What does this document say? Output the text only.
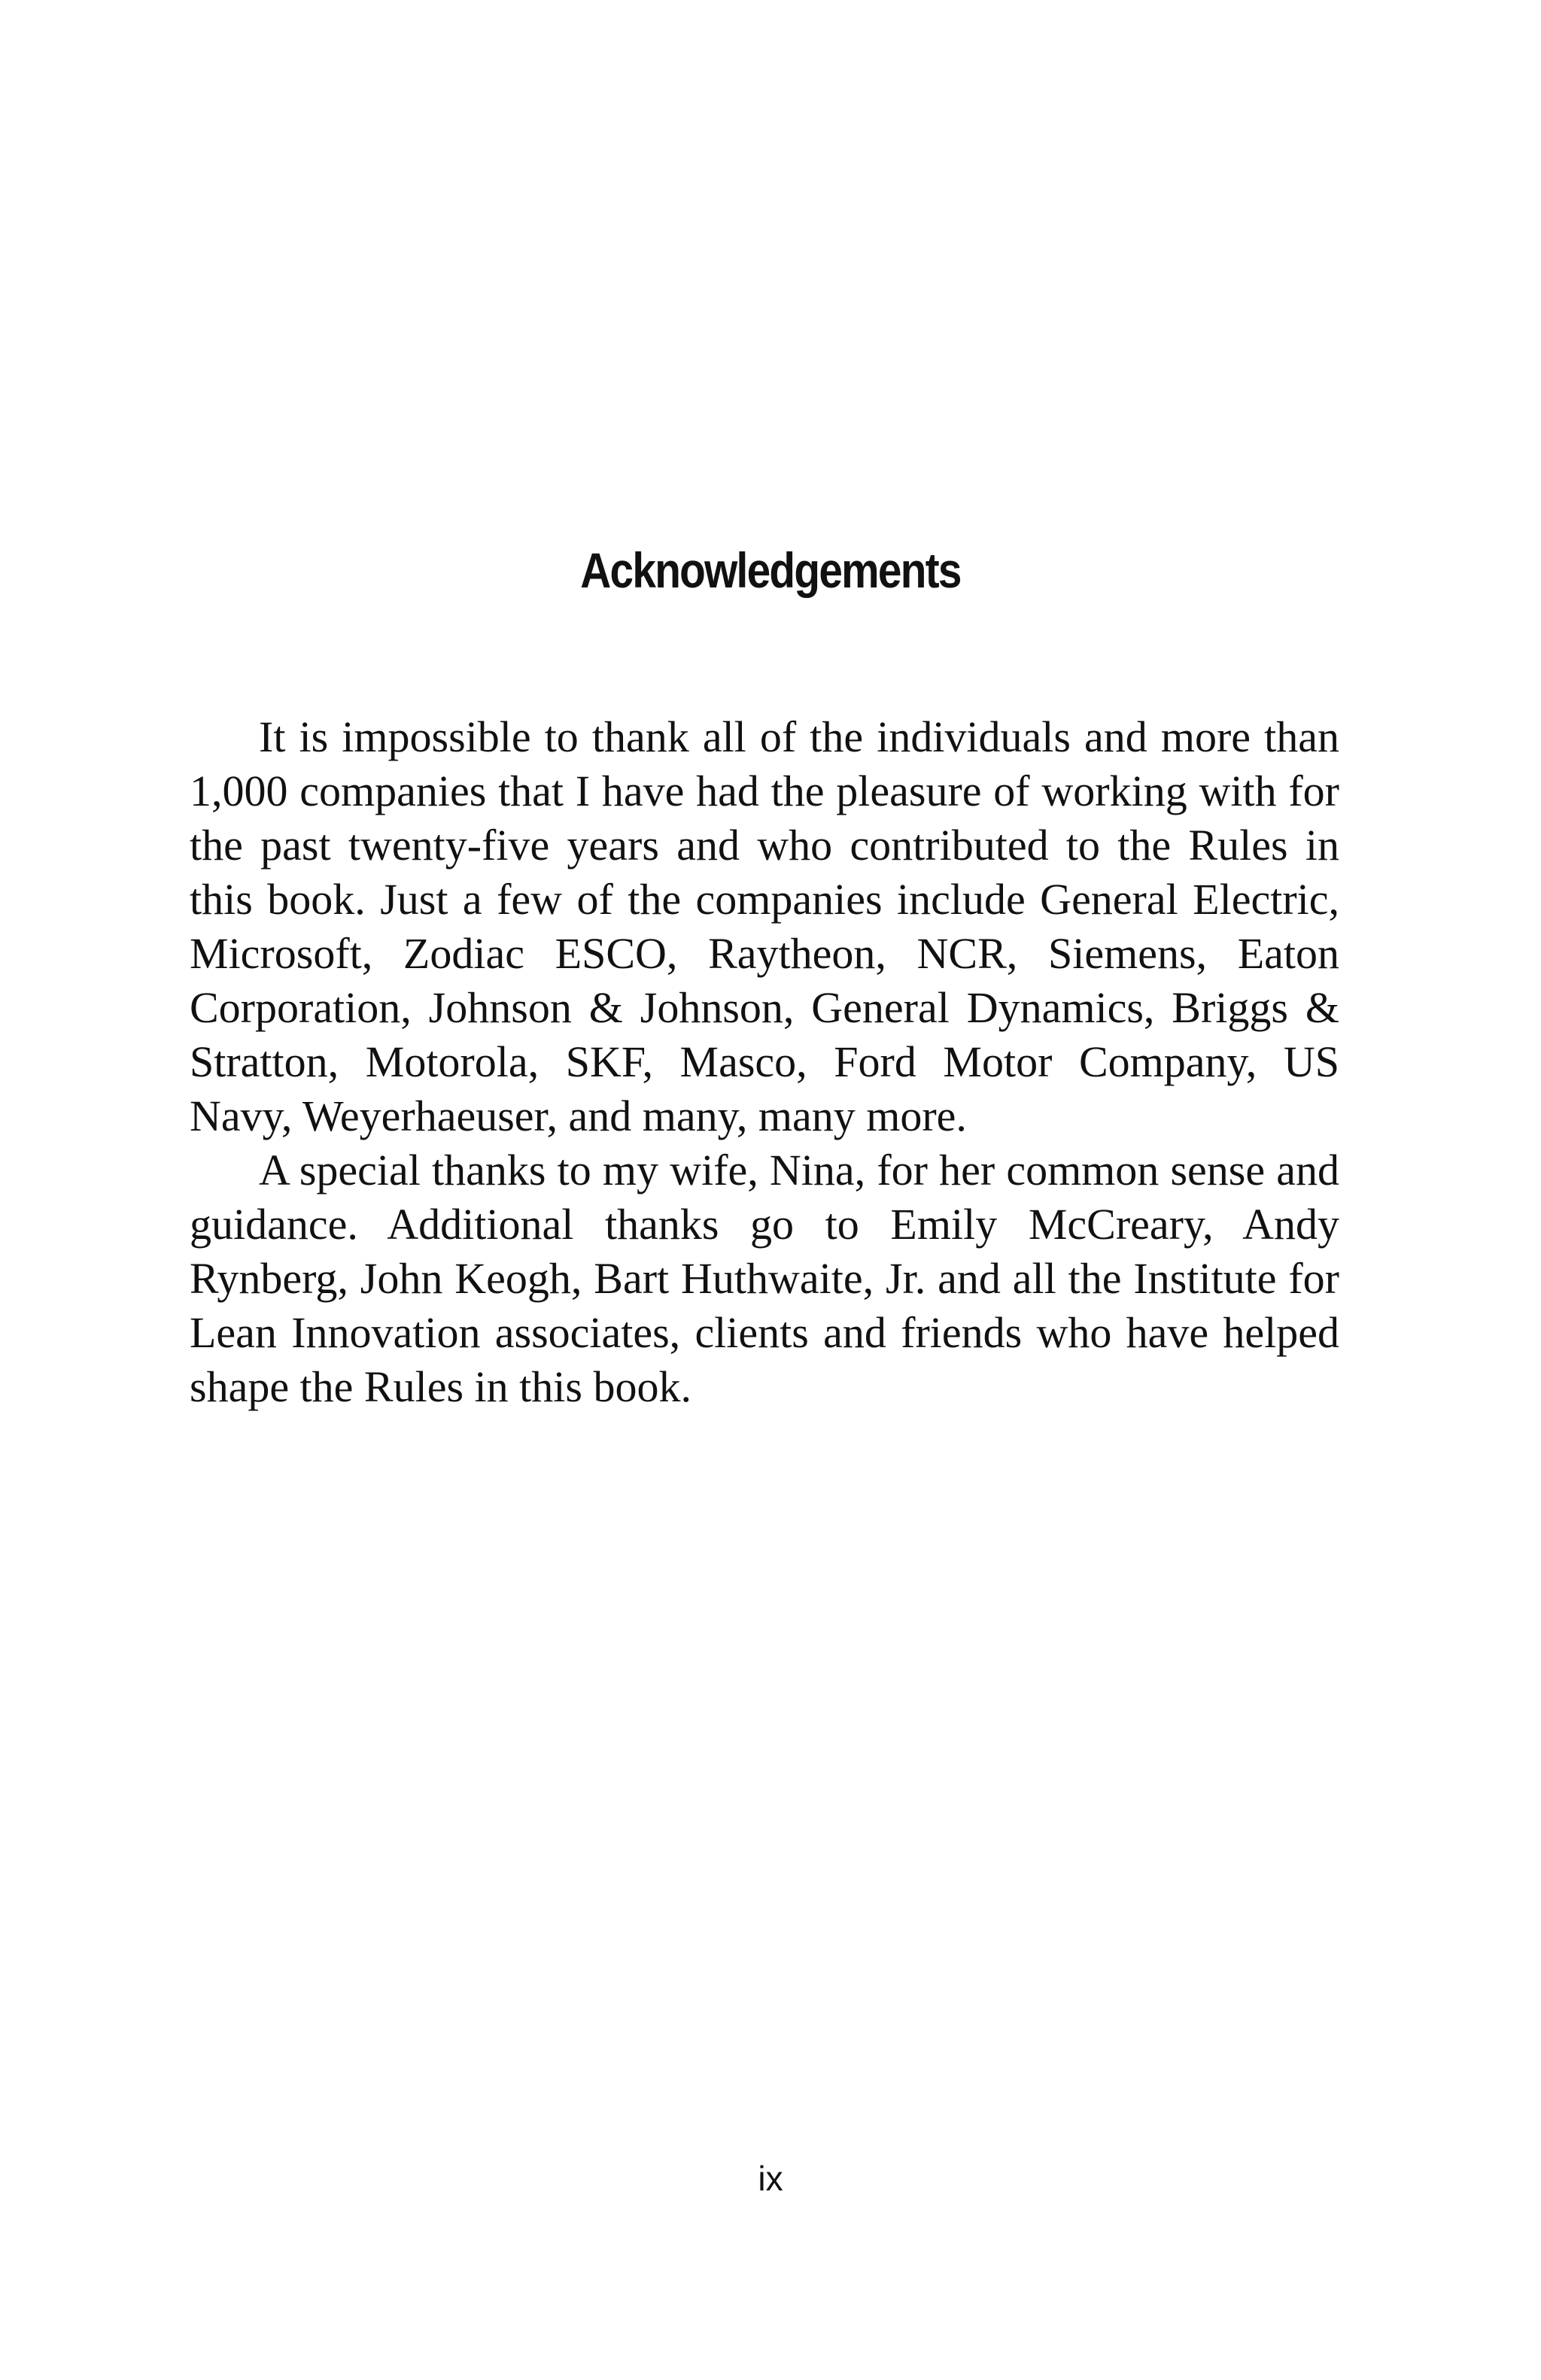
Acknowledgements

It is impossible to thank all of the individuals and more than 1,000 companies that I have had the pleasure of working with for the past twenty-five years and who contributed to the Rules in this book. Just a few of the companies include General Electric, Microsoft, Zodiac ESCO, Raytheon, NCR, Siemens, Eaton Corporation, Johnson & Johnson, General Dynamics, Briggs & Stratton, Motorola, SKF, Masco, Ford Motor Company, US Navy, Weyerhaeuser, and many, many more.

A special thanks to my wife, Nina, for her common sense and guidance. Additional thanks go to Emily McCreary, Andy Rynberg, John Keogh, Bart Huthwaite, Jr. and all the Institute for Lean Innovation associates, clients and friends who have helped shape the Rules in this book.

ix
